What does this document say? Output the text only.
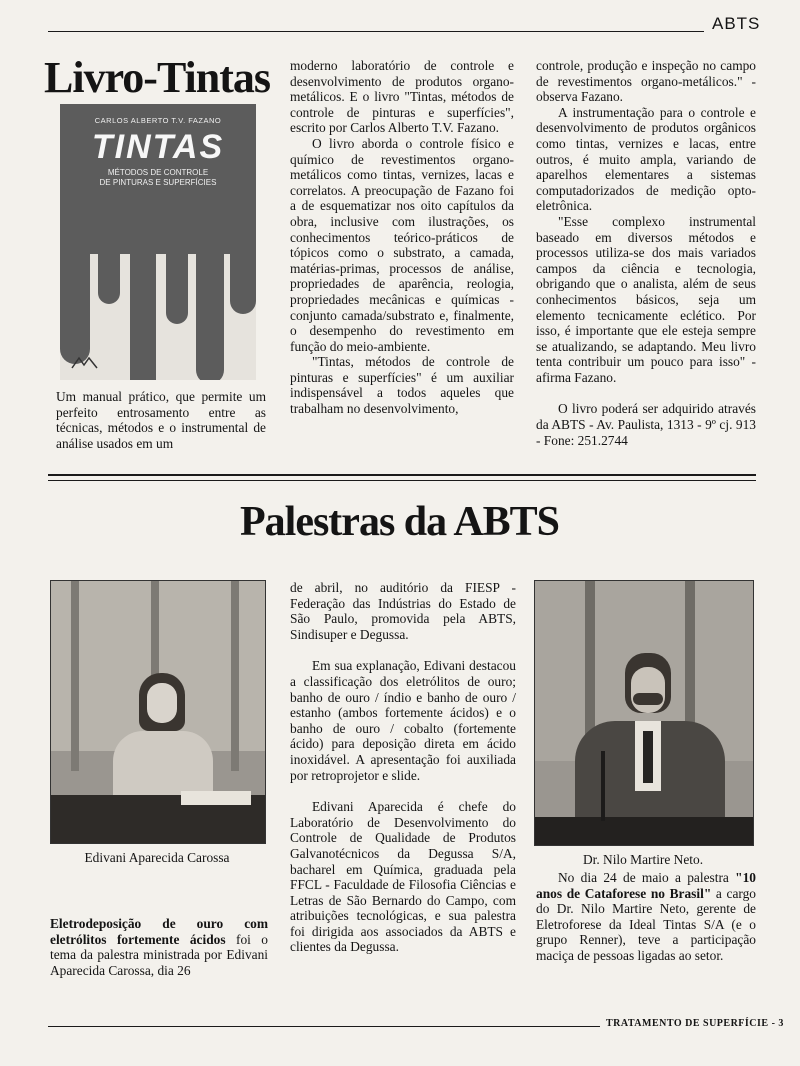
ABTS
Livro-Tintas
CARLOS ALBERTO T.V. FAZANO
TINTAS
MÉTODOS DE CONTROLE
DE PINTURAS E SUPERFÍCIES

Um manual prático, que permite um perfeito entrosamento entre as técnicas, métodos e o instrumental de análise usados em um

moderno laboratório de controle e desenvolvimento de produtos organo-metálicos. E o livro "Tintas, métodos de controle de pinturas e superfícies", escrito por Carlos Alberto T.V. Fazano.

O livro aborda o controle físico e químico de revestimentos organo-metálicos como tintas, vernizes, lacas e correlatos. A preocupação de Fazano foi a de esquematizar nos oito capítulos da obra, inclusive com ilustrações, os conhecimentos teórico-práticos de tópicos como o substrato, a camada, matérias-primas, processos de análise, propriedades de aparência, reologia, propriedades mecânicas e químicas - conjunto camada/substrato e, finalmente, o desempenho do revestimento em função do meio-ambiente.

"Tintas, métodos de controle de pinturas e superfícies" é um auxiliar indispensável a todos aqueles que trabalham no desenvolvimento,

controle, produção e inspeção no campo de revestimentos organo-metálicos." - observa Fazano.

A instrumentação para o controle e desenvolvimento de produtos orgânicos como tintas, vernizes e lacas, entre outros, é muito ampla, variando de aparelhos elementares a sistemas computadorizados de medição opto-eletrônica.

"Esse complexo instrumental baseado em diversos métodos e processos utiliza-se dos mais variados campos da ciência e tecnologia, obrigando que o analista, além de seus conhecimentos básicos, seja um elemento tecnicamente eclético. Por isso, é importante que ele esteja sempre se atualizando, se adaptando. Meu livro tenta contribuir um pouco para isso" - afirma Fazano.

O livro poderá ser adquirido através da ABTS - Av. Paulista, 1313 - 9º cj. 913 - Fone: 251.2744

Palestras da ABTS
Edivani Aparecida Carossa

Eletrodeposição de ouro com eletrólitos fortemente ácidos foi o tema da palestra ministrada por Edivani Aparecida Carossa, dia 26

de abril, no auditório da FIESP - Federação das Indústrias do Estado de São Paulo, promovida pela ABTS, Sindisuper e Degussa.

Em sua explanação, Edivani destacou a classificação dos eletrólitos de ouro; banho de ouro / índio e banho de ouro / estanho (ambos fortemente ácidos) e o banho de ouro / cobalto (fortemente ácido) para deposição direta em ácido inoxidável. A apresentação foi auxiliada por retroprojetor e slide.

Edivani Aparecida é chefe do Laboratório de Desenvolvimento do Controle de Qualidade de Produtos Galvanotécnicos da Degussa S/A, bacharel em Química, graduada pela FFCL - Faculdade de Filosofia Ciências e Letras de São Bernardo do Campo, com atribuições tecnológicas, e sua palestra foi dirigida aos associados da ABTS e clientes da Degussa.

Dr. Nilo Martire Neto.

No dia 24 de maio a palestra "10 anos de Cataforese no Brasil" a cargo do Dr. Nilo Martire Neto, gerente de Eletroforese da Ideal Tintas S/A (e o grupo Renner), teve a participação maciça de pessoas ligadas ao setor.

TRATAMENTO DE SUPERFÍCIE - 3
